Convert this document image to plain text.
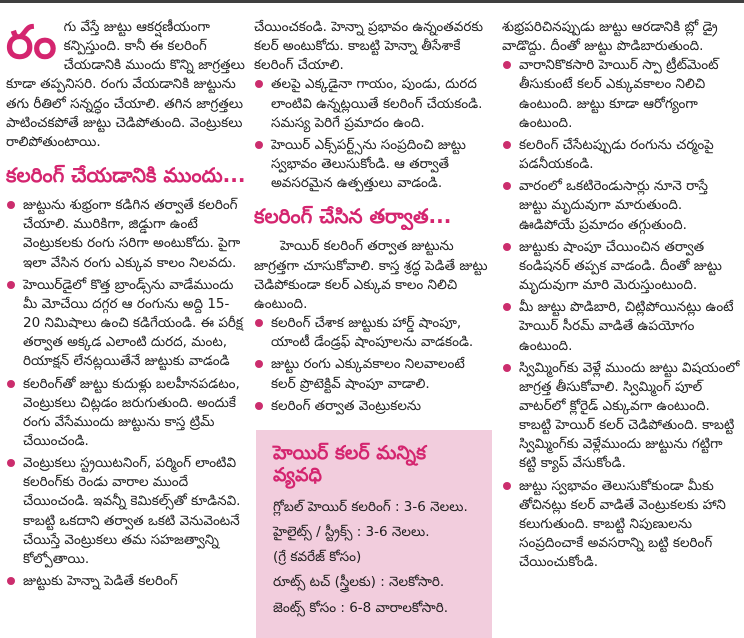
రంగు వేస్తే జుట్టు ఆకర్షణీయంగా కన్పిస్తుంది. కానీ ఈ కలరింగ్ చేయడానికి ముందు కొన్ని జాగ్రత్తలు కూడా తప్పనిసరి. రంగు వేయడానికి జుట్టును తగు రీతిలో సన్నద్ధం చేయాలి. తగిన జాగ్రత్తలు పాటించకపోతే జుట్టు చెడిపోతుంది. వెంట్రుకలు రాలిపోతుంటాయి.

కలరింగ్ చేయడానికి ముందు...
జుట్టును శుభ్రంగా కడిగిన తర్వాతే కలరింగ్ చేయాలి. మురికిగా, జిడ్డుగా ఉంటే వెంట్రుకలకు రంగు సరిగా అంటుకోదు. పైగా ఇలా వేసిన రంగు ఎక్కువ కాలం నిలవదు.
హెయిర్‌డైలో కొత్త బ్రాండ్స్‌ను వాడేముందు మీ మోచేయి దగ్గర ఆ రంగును అద్ది 15-20 నిమిషాలు ఉంచి కడిగేయండి. ఈ పరీక్ష తర్వాత అక్కడ ఎలాంటి దురద, మంట, రియాక్షన్ లేనట్లయితేనే జుట్టుకు వాడండి
కలరింగ్‌తో జుట్టు కుదుళ్లు బలహీనపడటం, వెంట్రుకలు చిట్లడం జరుగుతుంది. అందుకే రంగు వేసేముందు జుట్టును కాస్త ట్రిమ్ చేయించండి.
వెంట్రుకలు స్ట్రయిటనింగ్, పర్మింగ్ లాంటివి కలరింగ్‌కు రెండు వారాల ముందే చేయించండి. ఇవన్నీ కెమికల్స్‌తో కూడినవి. కాబట్టి ఒకదాని తర్వాత ఒకటి వెనువెంటనే చేయిస్తే వెంట్రుకలు తమ సహజత్వాన్ని కోల్పోతాయి.
జుట్టుకు హెన్నా పెడితే కలరింగ్

చేయించకండి. హెన్నా ప్రభావం ఉన్నంతవరకు కలర్ అంటుకోదు. కాబట్టి హెన్నా తీసేశాకే కలరింగ్ చేయాలి.

తలపై ఎక్కడైనా గాయం, పుండు, దురద లాంటివి ఉన్నట్లయితే కలరింగ్ చేయకండి. సమస్య పెరిగే ప్రమాదం ఉంది.
హెయిర్ ఎక్స్‌పర్ట్స్‌ను సంప్రదించి జుట్టు స్వభావం తెలుసుకోండి. ఆ తర్వాతే అవసరమైన ఉత్పత్తులు వాడండి.
కలరింగ్ చేసిన తర్వాత...

హెయిర్ కలరింగ్ తర్వాత జుట్టును జాగ్రత్తగా చూసుకోవాలి. కాస్త శ్రద్ధ పెడితే జుట్టు చెడిపోకుండా కలర్ ఎక్కువ కాలం నిలిచి ఉంటుంది.

కలరింగ్ చేశాక జుట్టుకు హార్డ్ షాంపూ, యాంటీ డేండ్రఫ్ షాంపూలను వాడకండి.
జుట్టు రంగు ఎక్కువకాలం నిలవాలంటే కలర్ ప్రొటెక్టివ్ షాంపూ వాడాలి.
కలరింగ్ తర్వాత వెంట్రుకలను
హెయిర్ కలర్ మన్నిక వ్యవధి

గ్లోబల్ హెయిర్ కలరింగ్ : 3-6 నెలలు.

హైలైట్స్ / స్ట్రీక్స్ : 3-6 నెలలు.

(గ్రే కవరేజ్ కోసం)

రూట్స్ టచ్ (స్త్రీలకు) : నెలకోసారి.

జెంట్స్ కోసం : 6-8 వారాలకోసారి.

శుభ్రపరిచినప్పుడు జుట్టు ఆరడానికి బ్లో డ్రై వాడొద్దు. దీంతో జుట్టు పొడిబారుతుంది.

వారానికొకసారి హెయిర్ స్పా ట్రీట్‌మెంట్ తీసుకుంటే కలర్ ఎక్కువకాలం నిలిచి ఉంటుంది. జుట్టు కూడా ఆరోగ్యంగా ఉంటుంది.
కలరింగ్ చేసేటప్పుడు రంగును చర్మంపై పడనీయకండి.
వారంలో ఒకటిరెండుసార్లు నూనె రాస్తే జుట్టు మృదువుగా మారుతుంది. ఊడిపోయే ప్రమాదం తగ్గుతుంది.
జుట్టుకు షాంపూ చేయించిన తర్వాత కండిషనర్ తప్పక వాడండి. దీంతో జుట్టు మృదువుగా మారి మెరుస్తుంటుంది.
మీ జుట్టు పొడిబారి, చిట్లిపోయినట్లు ఉంటే హెయిర్ సీరమ్ వాడితే ఉపయోగం ఉంటుంది.
స్విమ్మింగ్‌కు వెళ్లే ముందు జుట్టు విషయంలో జాగ్రత్త తీసుకోవాలి. స్విమ్మింగ్ పూల్ వాటర్‌లో క్లోరైడ్ ఎక్కువగా ఉంటుంది. కాబట్టి హెయిర్ కలర్ చెడిపోతుంది. కాబట్టి స్విమ్మింగ్‌కు వెళ్లేముందు జుట్టును గట్టిగా కట్టి క్యాప్ వేసుకోండి.
జుట్టు స్వభావం తెలుసుకోకుండా మీకు తోచినట్లు కలర్ వాడితే వెంట్రుకలకు హాని కలుగుతుంది. కాబట్టి నిపుణులను సంప్రదించాకే అవసరాన్ని బట్టి కలరింగ్ చేయించుకోండి.
